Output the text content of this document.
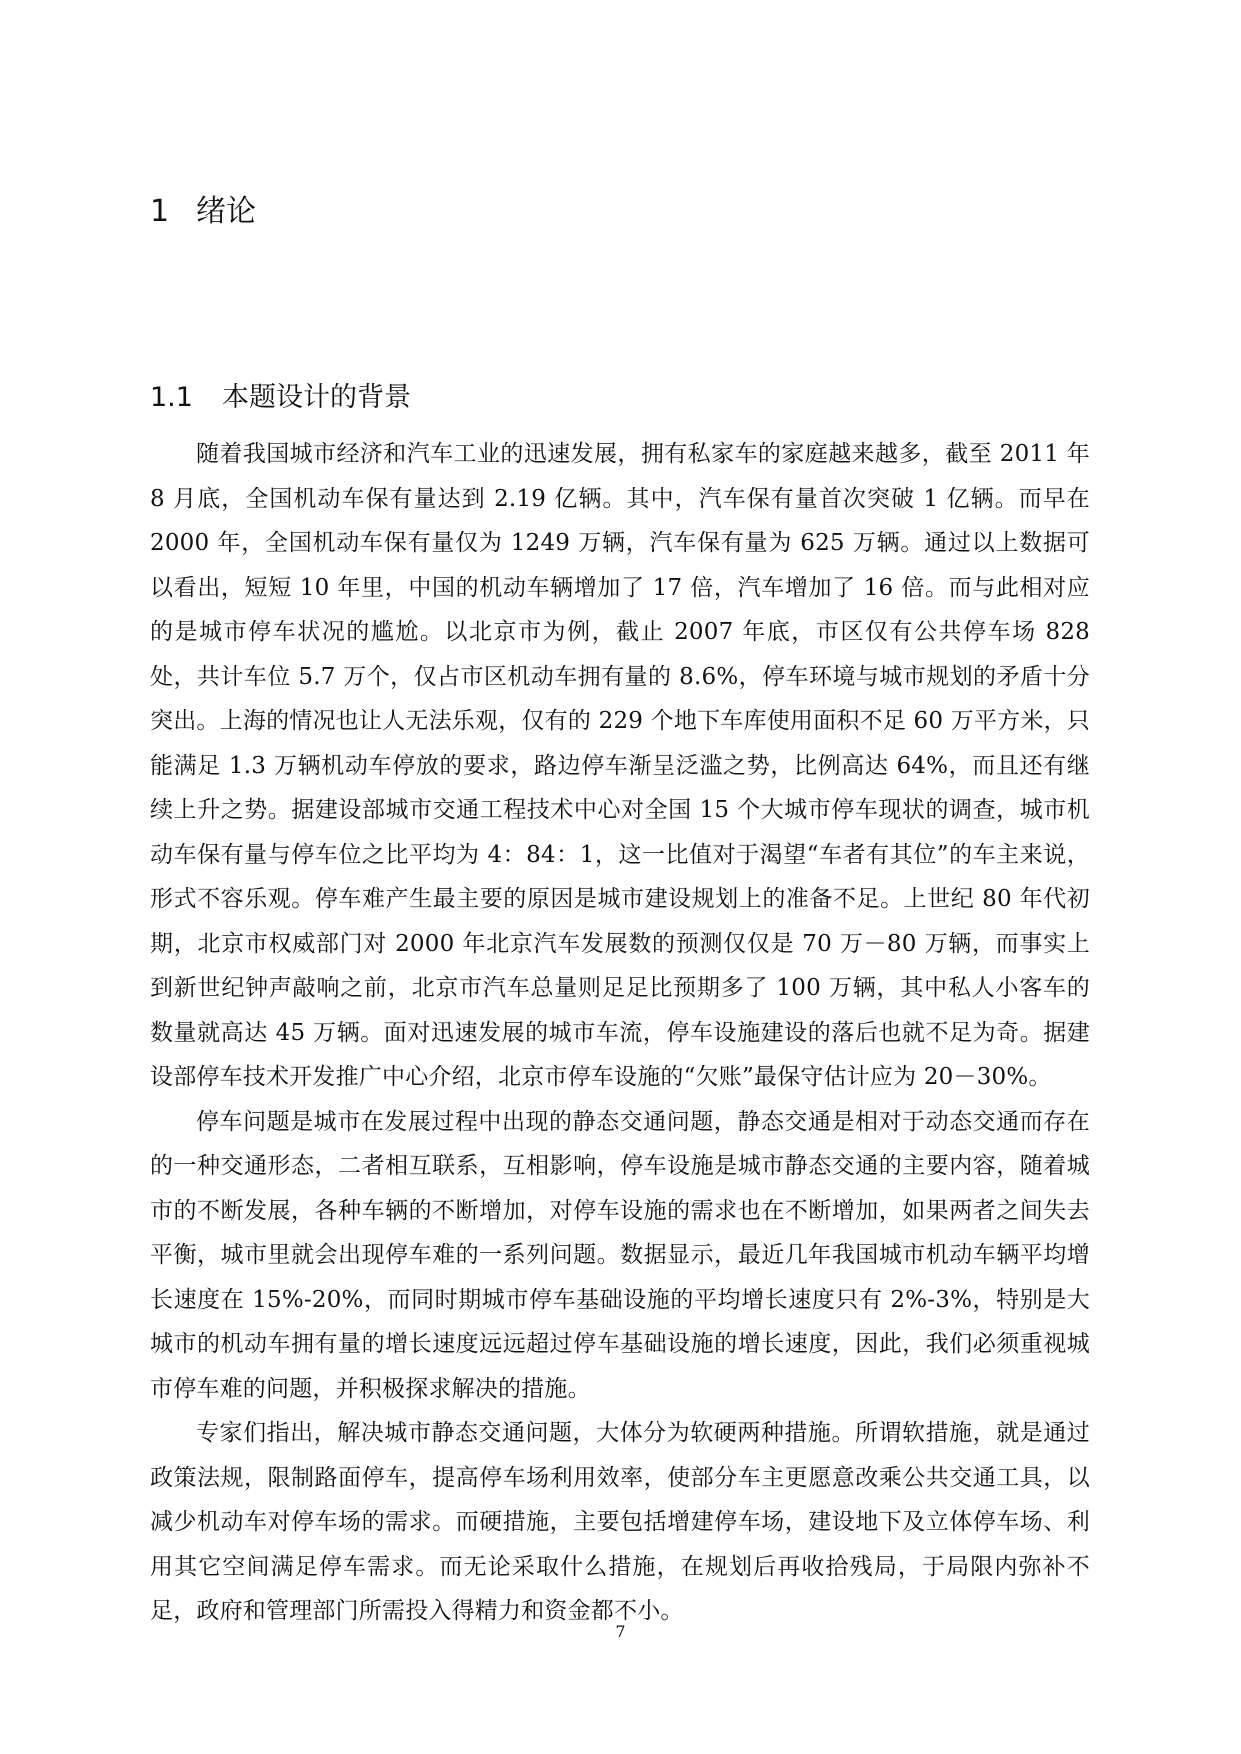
1 绪论
1.1 本题设计的背景

随着我国城市经济和汽车工业的迅速发展，拥有私家车的家庭越来越多，截至 2011 年 8 月底，全国机动车保有量达到 2.19 亿辆。其中，汽车保有量首次突破 1 亿辆。而早在 2000 年，全国机动车保有量仅为 1249 万辆，汽车保有量为 625 万辆。通过以上数据可以看出，短短 10 年里，中国的机动车辆增加了 17 倍，汽车增加了 16 倍。而与此相对应的是城市停车状况的尴尬。以北京市为例，截止 2007 年底，市区仅有公共停车场 828 处，共计车位 5.7 万个，仅占市区机动车拥有量的 8.6%，停车环境与城市规划的矛盾十分突出。上海的情况也让人无法乐观，仅有的 229 个地下车库使用面积不足 60 万平方米，只能满足 1.3 万辆机动车停放的要求，路边停车渐呈泛滥之势，比例高达 64%，而且还有继续上升之势。据建设部城市交通工程技术中心对全国 15 个大城市停车现状的调查，城市机动车保有量与停车位之比平均为 4：84：1，这一比值对于渴望“车者有其位”的车主来说，形式不容乐观。停车难产生最主要的原因是城市建设规划上的准备不足。上世纪 80 年代初期，北京市权威部门对 2000 年北京汽车发展数的预测仅仅是 70 万－80 万辆，而事实上到新世纪钟声敲响之前，北京市汽车总量则足足比预期多了 100 万辆，其中私人小客车的数量就高达 45 万辆。面对迅速发展的城市车流，停车设施建设的落后也就不足为奇。据建设部停车技术开发推广中心介绍，北京市停车设施的“欠账”最保守估计应为 20－30%。

停车问题是城市在发展过程中出现的静态交通问题，静态交通是相对于动态交通而存在的一种交通形态，二者相互联系，互相影响，停车设施是城市静态交通的主要内容，随着城市的不断发展，各种车辆的不断增加，对停车设施的需求也在不断增加，如果两者之间失去平衡，城市里就会出现停车难的一系列问题。数据显示，最近几年我国城市机动车辆平均增长速度在 15%-20%，而同时期城市停车基础设施的平均增长速度只有 2%-3%，特别是大城市的机动车拥有量的增长速度远远超过停车基础设施的增长速度，因此，我们必须重视城市停车难的问题，并积极探求解决的措施。

专家们指出，解决城市静态交通问题，大体分为软硬两种措施。所谓软措施，就是通过政策法规，限制路面停车，提高停车场利用效率，使部分车主更愿意改乘公共交通工具，以减少机动车对停车场的需求。而硬措施，主要包括增建停车场，建设地下及立体停车场、利用其它空间满足停车需求。而无论采取什么措施，在规划后再收拾残局，于局限内弥补不足，政府和管理部门所需投入得精力和资金都不小。

7
